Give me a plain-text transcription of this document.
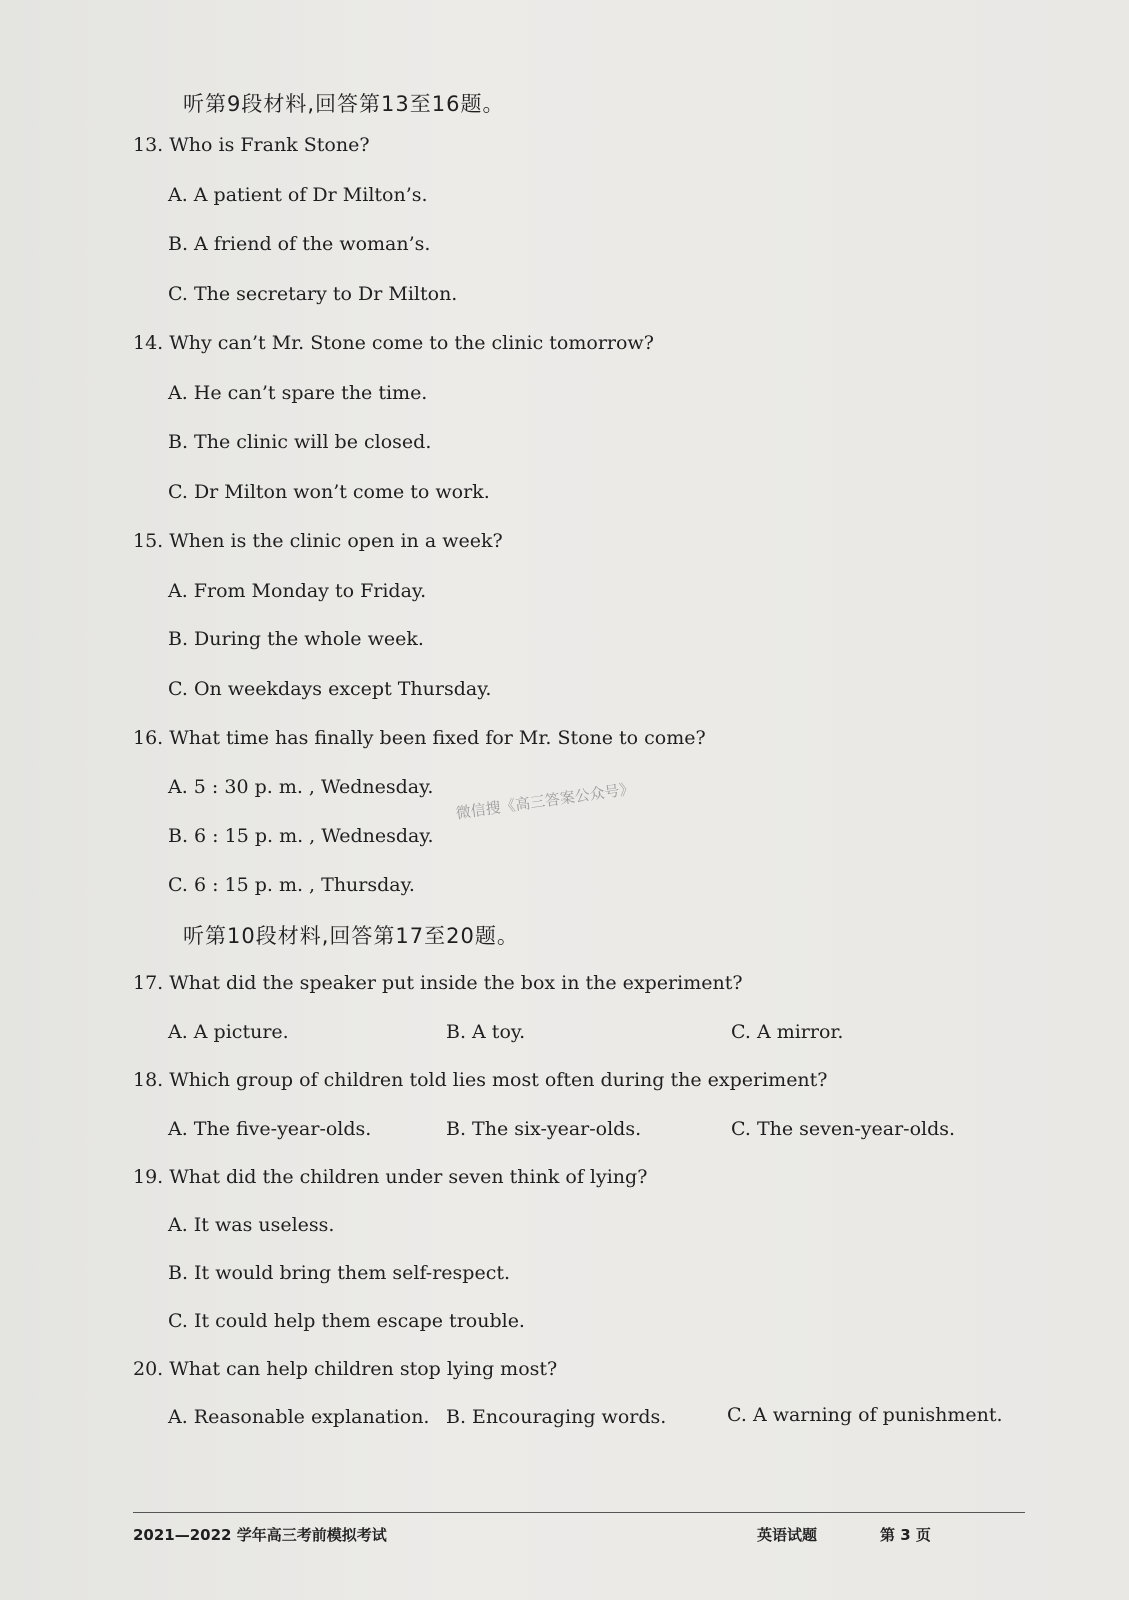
微信搜《高三答案公众号》
听第9段材料,回答第13至16题。
13. Who is Frank Stone?
A. A patient of Dr Milton’s.
B. A friend of the woman’s.
C. The secretary to Dr Milton.
14. Why can’t Mr. Stone come to the clinic tomorrow?
A. He can’t spare the time.
B. The clinic will be closed.
C. Dr Milton won’t come to work.
15. When is the clinic open in a week?
A. From Monday to Friday.
B. During the whole week.
C. On weekdays except Thursday.
16. What time has finally been fixed for Mr. Stone to come?
A. 5 : 30 p. m. , Wednesday.
B. 6 : 15 p. m. , Wednesday.
C. 6 : 15 p. m. , Thursday.
听第10段材料,回答第17至20题。
17. What did the speaker put inside the box in the experiment?
A. A picture.	B. A toy.	C. A mirror.
18. Which group of children told lies most often during the experiment?
A. The five-year-olds.	B. The six-year-olds.	C. The seven-year-olds.
19. What did the children under seven think of lying?
A. It was useless.
B. It would bring them self-respect.
C. It could help them escape trouble.
20. What can help children stop lying most?
A. Reasonable explanation. B. Encouraging words.	C. A warning of punishment.
2021—2022 学年高三考前模拟考试	英语试题	第 3 页
